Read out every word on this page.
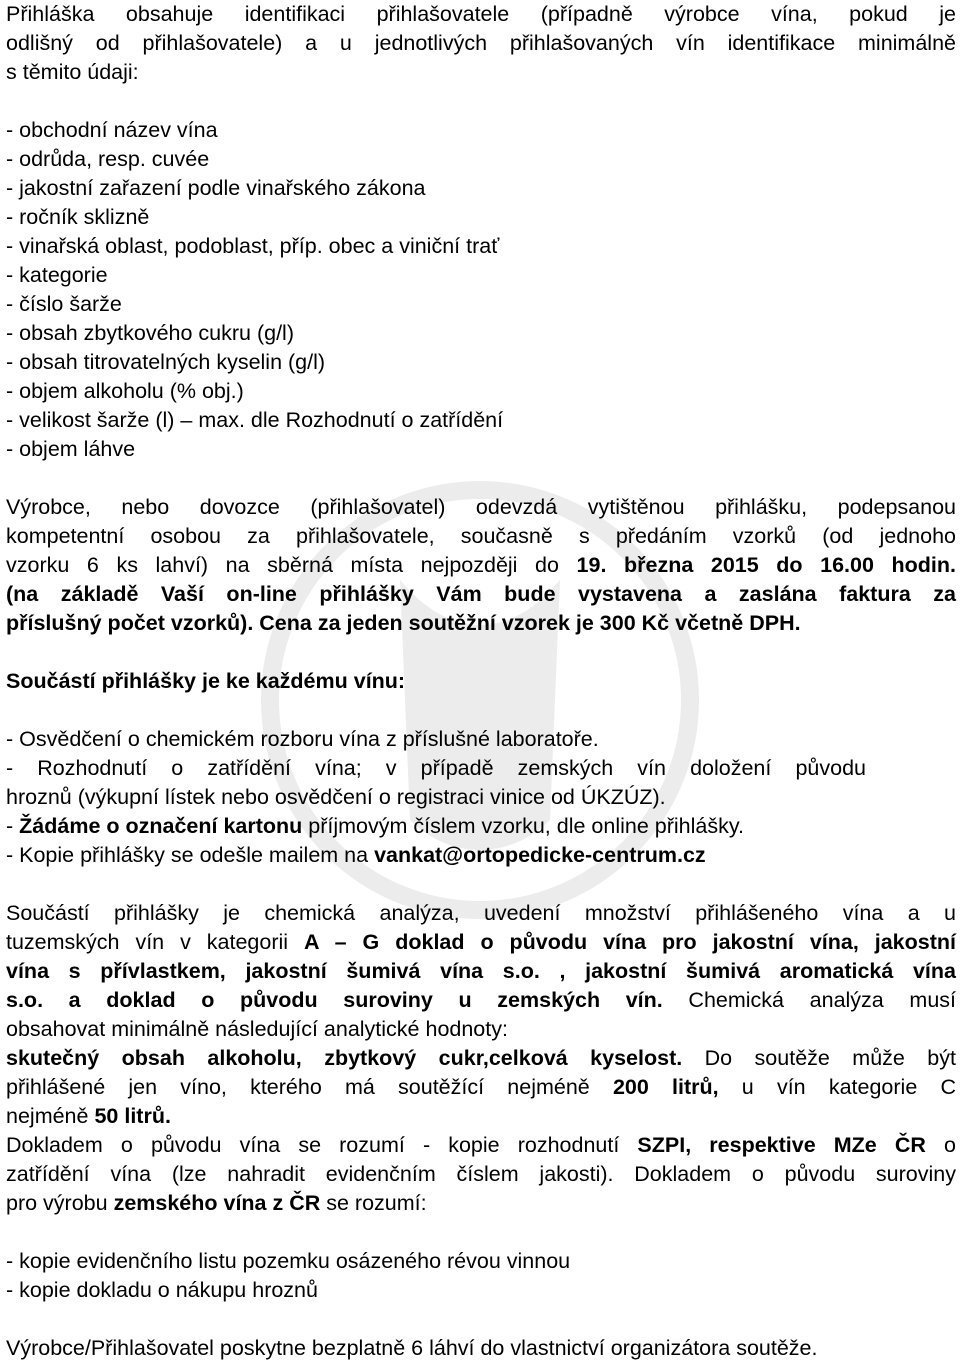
Přihláška obsahuje identifikaci přihlašovatele (případně výrobce vína, pokud je
odlišný od přihlašovatele) a u jednotlivých přihlašovaných vín identifikace minimálně
s těmito údaji:
- obchodní název vína
- odrůda, resp. cuvée
- jakostní zařazení podle vinařského zákona
- ročník sklizně
- vinařská oblast, podoblast, příp. obec a viniční trať
- kategorie
- číslo šarže
- obsah zbytkového cukru (g/l)
- obsah titrovatelných kyselin (g/l)
- objem alkoholu (% obj.)
- velikost šarže (l) – max. dle Rozhodnutí o zatřídění
- objem láhve
Výrobce, nebo dovozce (přihlašovatel) odevzdá vytištěnou přihlášku, podepsanou
kompetentní osobou za přihlašovatele, současně s předáním vzorků (od jednoho
vzorku 6 ks lahví) na sběrná místa nejpozději do 19. března 2015 do 16.00 hodin.
(na základě Vaší on-line přihlášky Vám bude vystavena a zaslána faktura za
příslušný počet vzorků). Cena za jeden soutěžní vzorek je 300 Kč včetně DPH.
Součástí přihlášky je ke každému vínu:
- Osvědčení o chemickém rozboru vína z příslušné laboratoře.
- Rozhodnutí o zatřídění vína; v případě zemských vín doložení původu
hroznů (výkupní lístek nebo osvědčení o registraci vinice od ÚKZÚZ).
- Žádáme o označení kartonu příjmovým číslem vzorku, dle online přihlášky.
- Kopie přihlášky se odešle mailem na vankat@ortopedicke-centrum.cz
Součástí přihlášky je chemická analýza, uvedení množství přihlášeného vína a u
tuzemských vín v kategorii A – G doklad o původu vína pro jakostní vína, jakostní
vína s přívlastkem, jakostní šumivá vína s.o. , jakostní šumivá aromatická vína
s.o. a doklad o původu suroviny u zemských vín. Chemická analýza musí
obsahovat minimálně následující analytické hodnoty:
skutečný obsah alkoholu, zbytkový cukr,celková kyselost. Do soutěže může být
přihlášené jen víno, kterého má soutěžící nejméně 200 litrů, u vín kategorie C
nejméně 50 litrů.
Dokladem o původu vína se rozumí - kopie rozhodnutí SZPI, respektive MZe ČR o
zatřídění vína (lze nahradit evidenčním číslem jakosti). Dokladem o původu suroviny
pro výrobu zemského vína z ČR se rozumí:
- kopie evidenčního listu pozemku osázeného révou vinnou
- kopie dokladu o nákupu hroznů
Výrobce/Přihlašovatel poskytne bezplatně 6 láhví do vlastnictví organizátora soutěže.
